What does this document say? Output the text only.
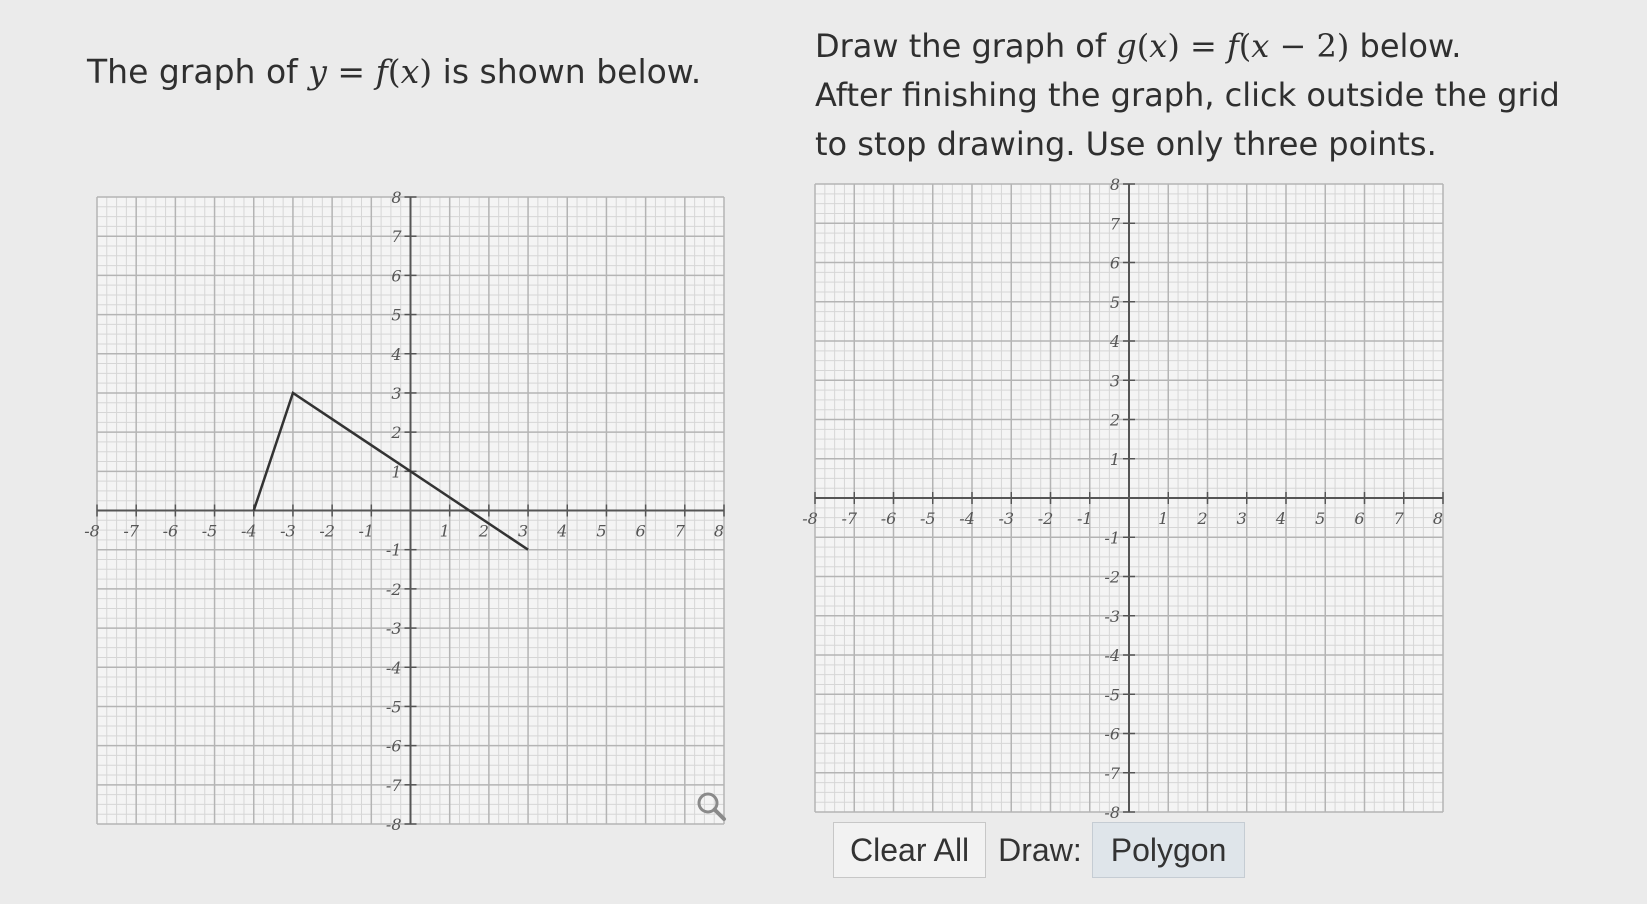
The graph of y = f(x) is shown below.
Draw the graph of g(x) = f(x − 2) below.
After finishing the graph, click outside the grid
to stop drawing. Use only three points.
-8 -7 -6 -5 -4 -3 -2 -1	1 2 3 4 5 6 7 8
8
7
6
5
4
3
2
1
-1
-2
-3
-4
-5
-6
-7
-8
-8 -7 -6 -5 -4 -3 -2 -1	1 2 3 4 5 6 7 8
8
7
6
5
4
3
2
1
-1
-2
-3
-4
-5
-6
-7
-8
Clear All Draw: Polygon
